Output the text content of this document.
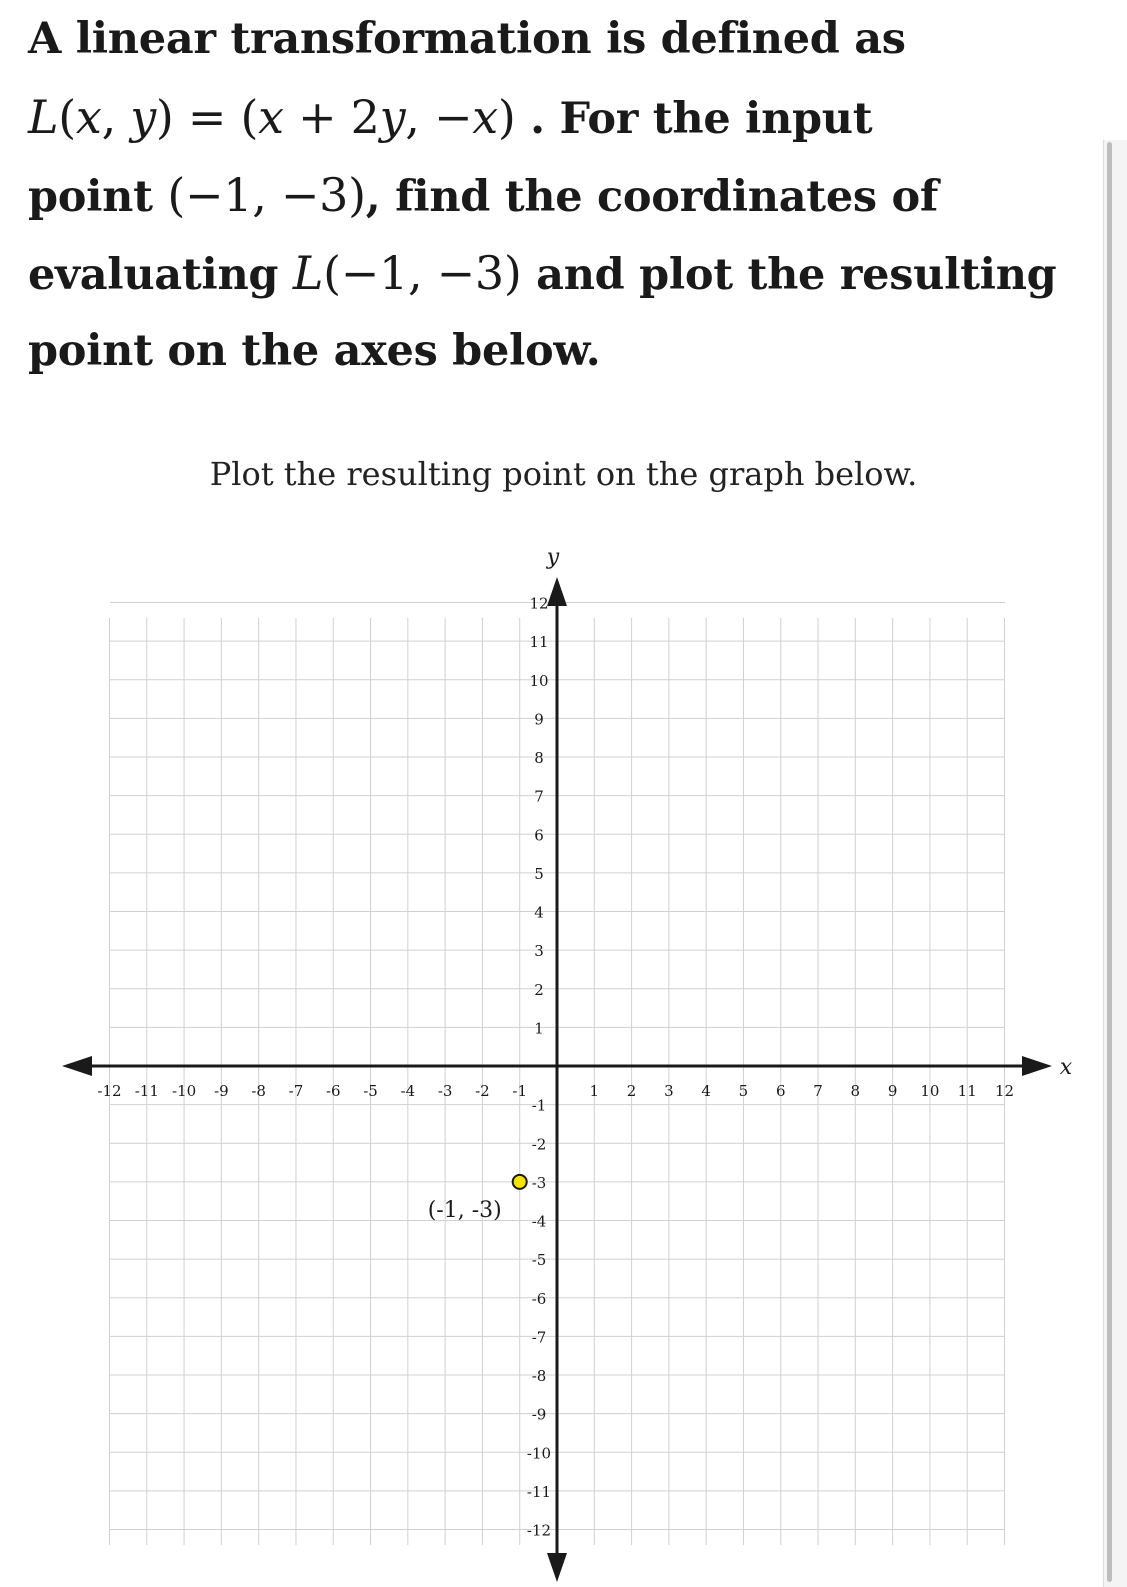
A linear transformation is defined as
L(x, y) = (x + 2y, −x) . For the input
point (−1, −3), find the coordinates of
evaluating L(−1, −3) and plot the resulting
point on the axes below.
Plot the resulting point on the graph below.
x
y
-12 -11 -10 -9 -8 -7 -6 -5 -4 -3 -2 -1	1 2 3 4 5 6 7 8 9 10 11 12
12
11
10
9
8
7
6
5
4
3
2
1
-1
-2
-3
-4
-5
-6
-7
-8
-9
-10
-11
-12
(-1, -3)
